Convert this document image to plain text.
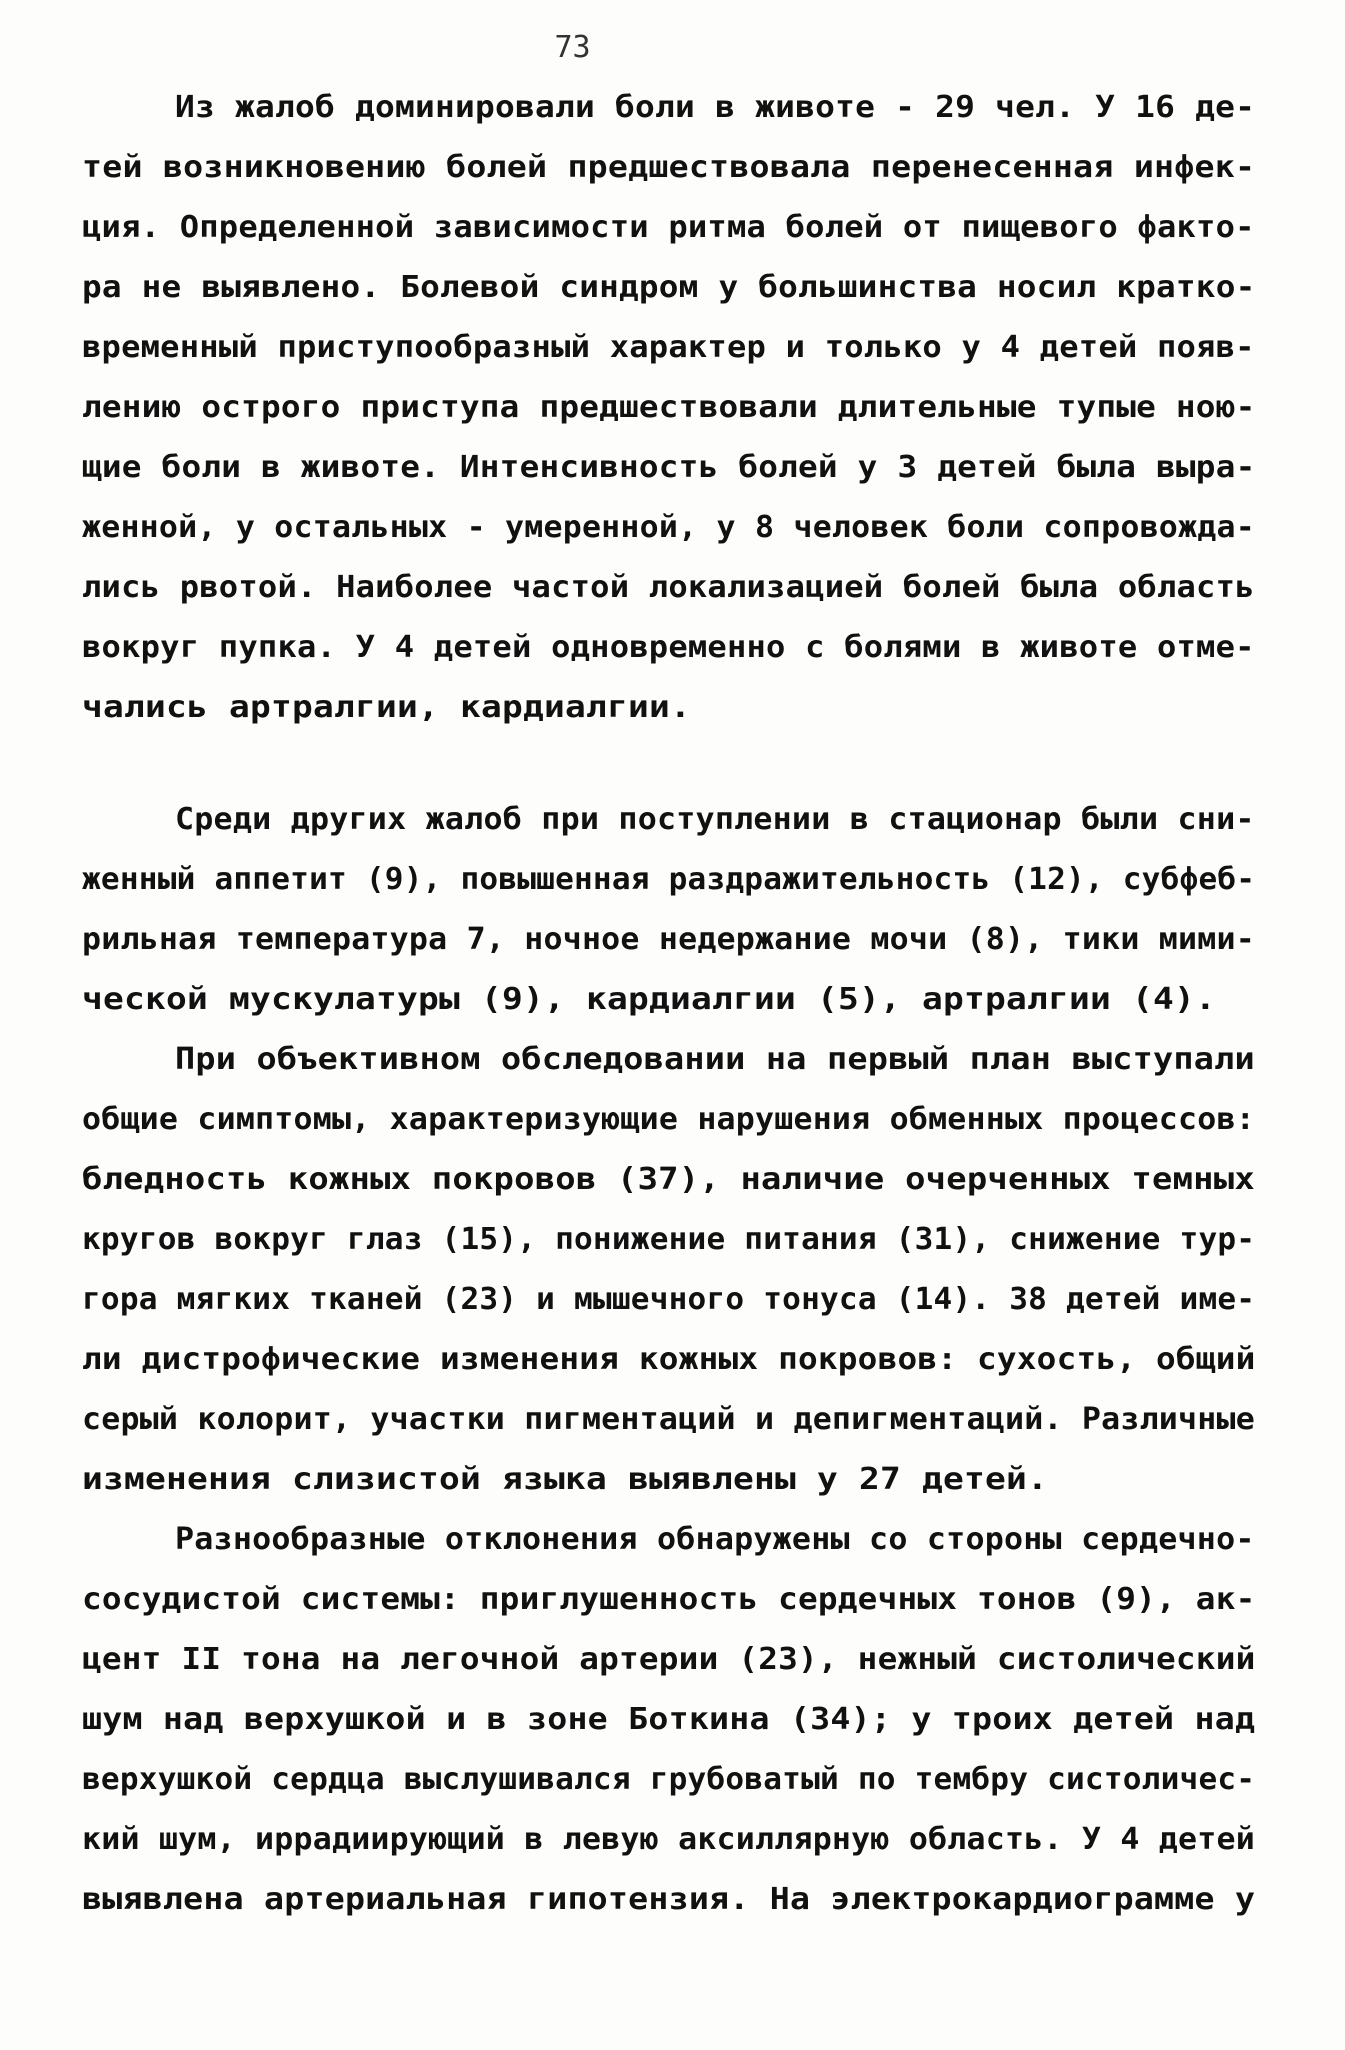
73
Из жалоб доминировали боли в животе - 29 чел. У 16 де-
тей возникновению болей предшествовала перенесенная инфек-
ция. Определенной зависимости ритма болей от пищевого факто-
ра не выявлено. Болевой синдром у большинства носил кратко-
временный приступообразный характер и только у 4 детей появ-
лению острого приступа предшествовали длительные тупые ною-
щие боли в животе. Интенсивность болей у 3 детей была выра-
женной, у остальных - умеренной, у 8 человек боли сопровожда-
лись рвотой. Наиболее частой локализацией болей была область
вокруг пупка. У 4 детей одновременно с болями в животе отме-
чались артралгии, кардиалгии.
Среди других жалоб при поступлении в стационар были сни-
женный аппетит (9), повышенная раздражительность (12), субфеб-
рильная температура 7, ночное недержание мочи (8), тики мими-
ческой мускулатуры (9), кардиалгии (5), артралгии (4).
При объективном обследовании на первый план выступали
общие симптомы, характеризующие нарушения обменных процессов:
бледность кожных покровов (37), наличие очерченных темных
кругов вокруг глаз (15), понижение питания (31), снижение тур-
гора мягких тканей (23) и мышечного тонуса (14). 38 детей име-
ли дистрофические изменения кожных покровов: сухость, общий
серый колорит, участки пигментаций и депигментаций. Различные
изменения слизистой языка выявлены у 27 детей.
Разнообразные отклонения обнаружены со стороны сердечно-
сосудистой системы: приглушенность сердечных тонов (9), ак-
цент II тона на легочной артерии (23), нежный систолический
шум над верхушкой и в зоне Боткина (34); у троих детей над
верхушкой сердца выслушивался грубоватый по тембру систоличес-
кий шум, иррадиирующий в левую аксиллярную область. У 4 детей
выявлена артериальная гипотензия. На электрокардиограмме у
